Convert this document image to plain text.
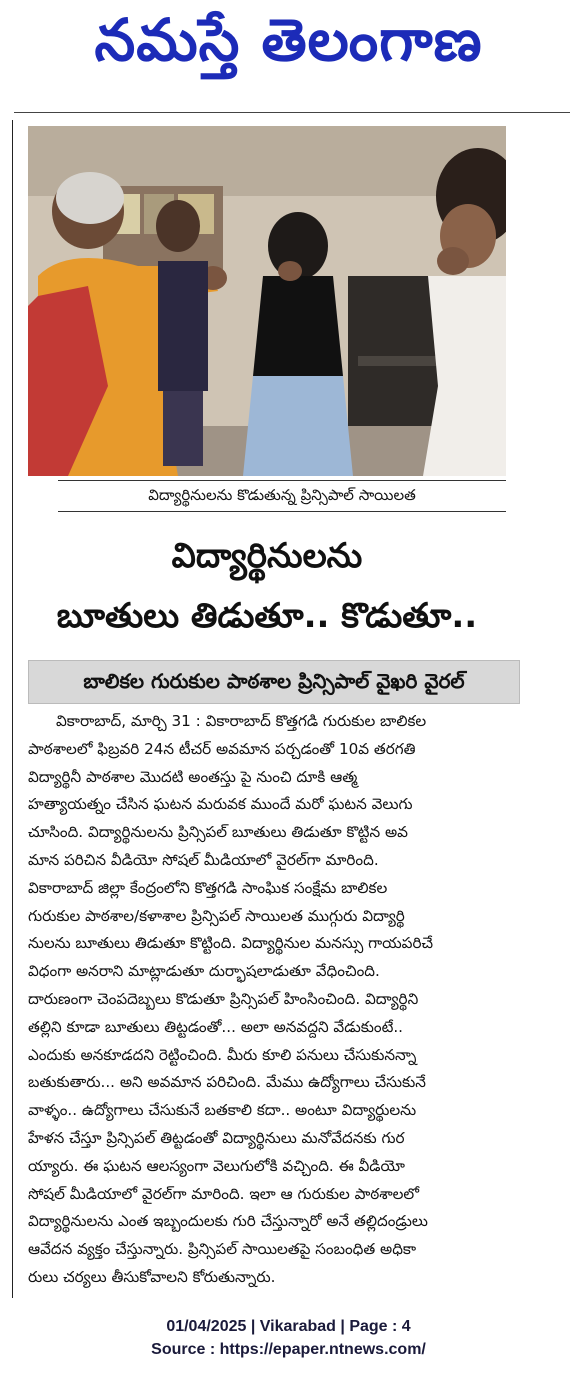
నమస్తే తెలంగాణ
విద్యార్థినులను కొడుతున్న ప్రిన్సిపాల్ సాయిలత
విద్యార్థినులను
బూతులు తిడుతూ.. కొడుతూ..
బాలికల గురుకుల పాఠశాల ప్రిన్సిపాల్ వైఖరి వైరల్
వికారాబాద్, మార్చి 31 : వికారాబాద్ కొత్తగడి గురుకుల బాలికల
పాఠశాలలో ఫిబ్రవరి 24న టీచర్ అవమాన పర్చడంతో 10వ తరగతి
విద్యార్థినీ పాఠశాల మొదటి అంతస్తు పై నుంచి దూకి ఆత్మ
హత్యాయత్నం చేసిన ఘటన మరువక ముందే మరో ఘటన వెలుగు
చూసింది. విద్యార్థినులను ప్రిన్సిపల్ బూతులు తిడుతూ కొట్టిన అవ
మాన పరిచిన వీడియో సోషల్ మీడియాలో వైరల్‌గా మారింది.
వికారాబాద్ జిల్లా కేంద్రంలోని కొత్తగడి సాంఘిక సంక్షేమ బాలికల
గురుకుల పాఠశాల/కళాశాల ప్రిన్సిపల్ సాయిలత ముగ్గురు విద్యార్థి
నులను బూతులు తిడుతూ కొట్టింది. విద్యార్థినుల మనస్సు గాయపరిచే
విధంగా అనరాని మాట్లాడుతూ దుర్భాషలాడుతూ వేధించింది.
దారుణంగా చెంపదెబ్బలు కొడుతూ ప్రిన్సిపల్ హింసించింది. విద్యార్థిని
తల్లిని కూడా బూతులు తిట్టడంతో... అలా అనవద్దని వేడుకుంటే..
ఎందుకు అనకూడదని రెట్టించింది. మీరు కూలి పనులు చేసుకునన్నా
బతుకుతారు... అని అవమాన పరిచింది. మేము ఉద్యోగాలు చేసుకునే
వాళ్ళం.. ఉద్యోగాలు చేసుకునే బతకాలి కదా.. అంటూ విద్యార్థులను
హేళన చేస్తూ ప్రిన్సిపల్ తిట్టడంతో విద్యార్థినులు మనోవేదనకు గుర
య్యారు. ఈ ఘటన ఆలస్యంగా వెలుగులోకి వచ్చింది. ఈ వీడియో
సోషల్ మీడియాలో వైరల్‌గా మారింది. ఇలా ఆ గురుకుల పాఠశాలలో
విద్యార్థినులను ఎంత ఇబ్బందులకు గురి చేస్తున్నారో అనే తల్లిదండ్రులు
ఆవేదన వ్యక్తం చేస్తున్నారు. ప్రిన్సిపల్ సాయిలతపై సంబంధిత అధికా
రులు చర్యలు తీసుకోవాలని కోరుతున్నారు.
01/04/2025 | Vikarabad | Page : 4
Source : https://epaper.ntnews.com/
